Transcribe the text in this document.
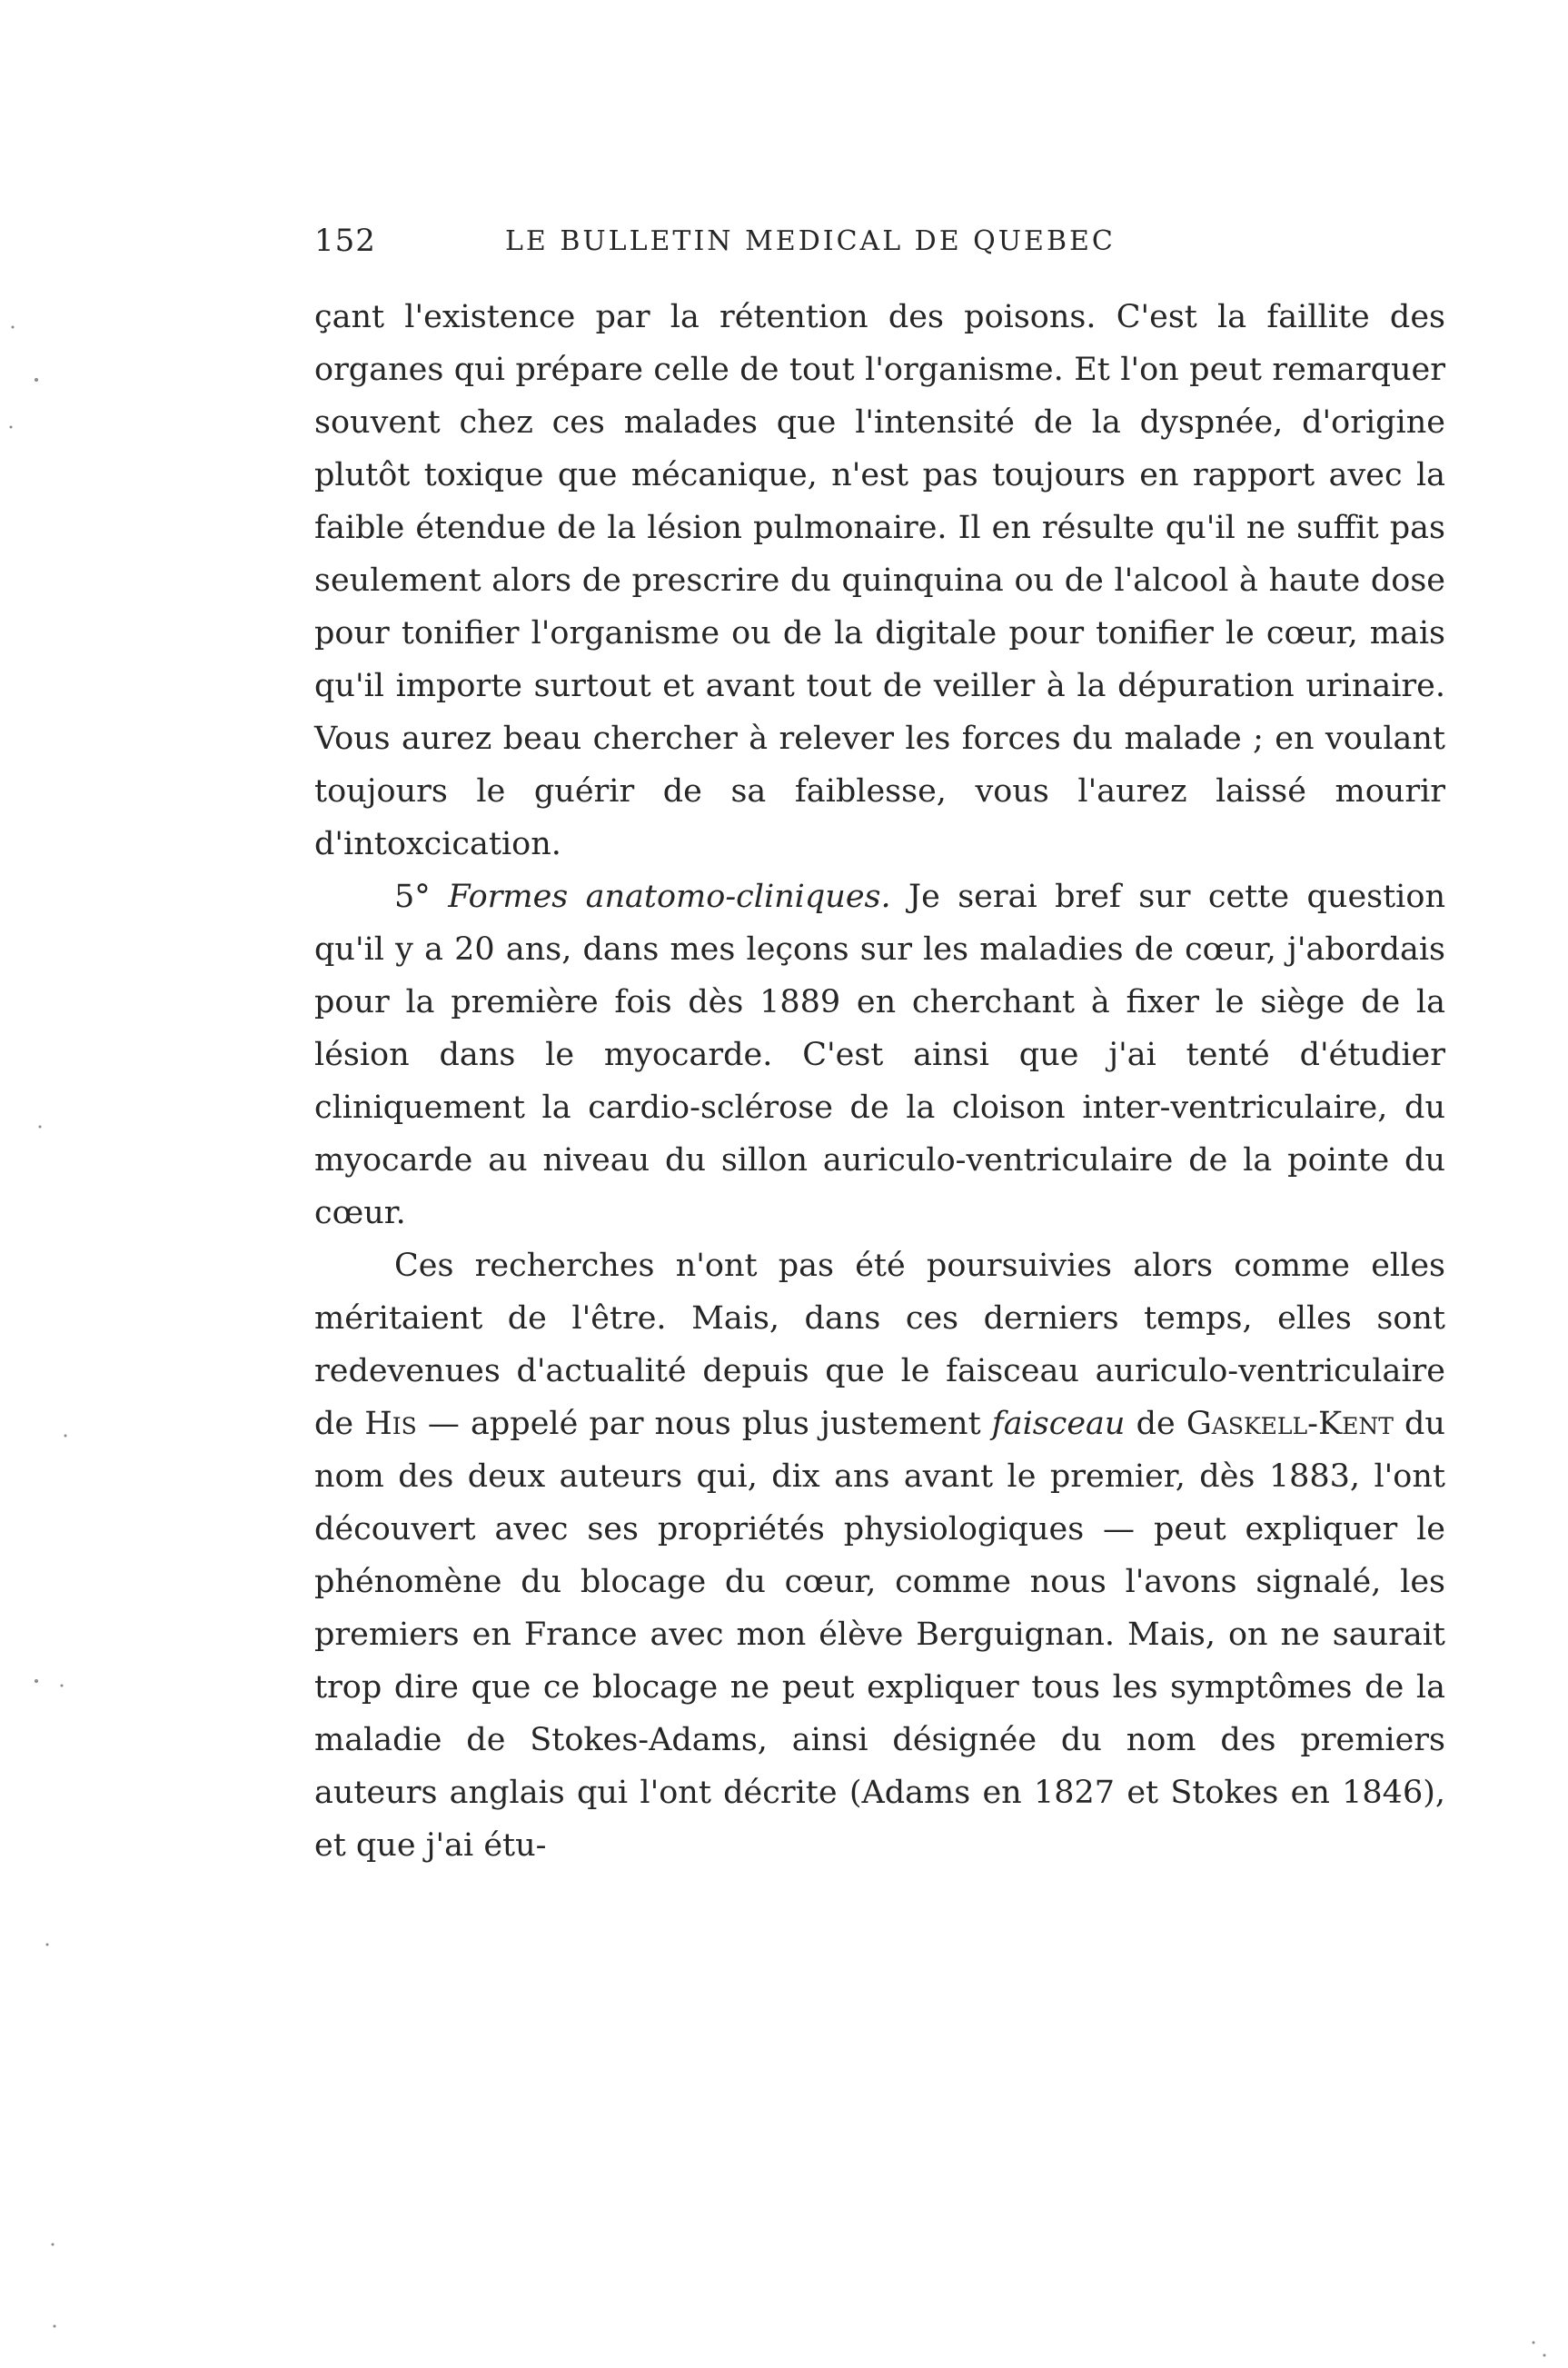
152	LE BULLETIN MEDICAL DE QUEBEC

çant l'existence par la rétention des poisons. C'est la faillite des organes qui prépare celle de tout l'organisme. Et l'on peut remarquer souvent chez ces malades que l'intensité de la dyspnée, d'origine plutôt toxique que mécanique, n'est pas toujours en rapport avec la faible étendue de la lésion pulmonaire. Il en résulte qu'il ne suffit pas seulement alors de prescrire du quinquina ou de l'alcool à haute dose pour tonifier l'organisme ou de la digitale pour tonifier le cœur, mais qu'il importe surtout et avant tout de veiller à la dépuration urinaire. Vous aurez beau chercher à relever les forces du malade ; en voulant toujours le guérir de sa faiblesse, vous l'aurez laissé mourir d'intoxcication.

5° Formes anatomo-cliniques. Je serai bref sur cette question qu'il y a 20 ans, dans mes leçons sur les maladies de cœur, j'abordais pour la première fois dès 1889 en cherchant à fixer le siège de la lésion dans le myocarde. C'est ainsi que j'ai tenté d'étudier cliniquement la cardio-sclérose de la cloison inter-ventriculaire, du myocarde au niveau du sillon auriculo-ventriculaire de la pointe du cœur.

Ces recherches n'ont pas été poursuivies alors comme elles méritaient de l'être. Mais, dans ces derniers temps, elles sont redevenues d'actualité depuis que le faisceau auriculo-ventriculaire de His — appelé par nous plus justement faisceau de Gaskell-Kent du nom des deux auteurs qui, dix ans avant le premier, dès 1883, l'ont découvert avec ses propriétés physiologiques — peut expliquer le phénomène du blocage du cœur, comme nous l'avons signalé, les premiers en France avec mon élève Berguignan. Mais, on ne saurait trop dire que ce blocage ne peut expliquer tous les symptômes de la maladie de Stokes-Adams, ainsi désignée du nom des premiers auteurs anglais qui l'ont décrite (Adams en 1827 et Stokes en 1846), et que j'ai étu-
